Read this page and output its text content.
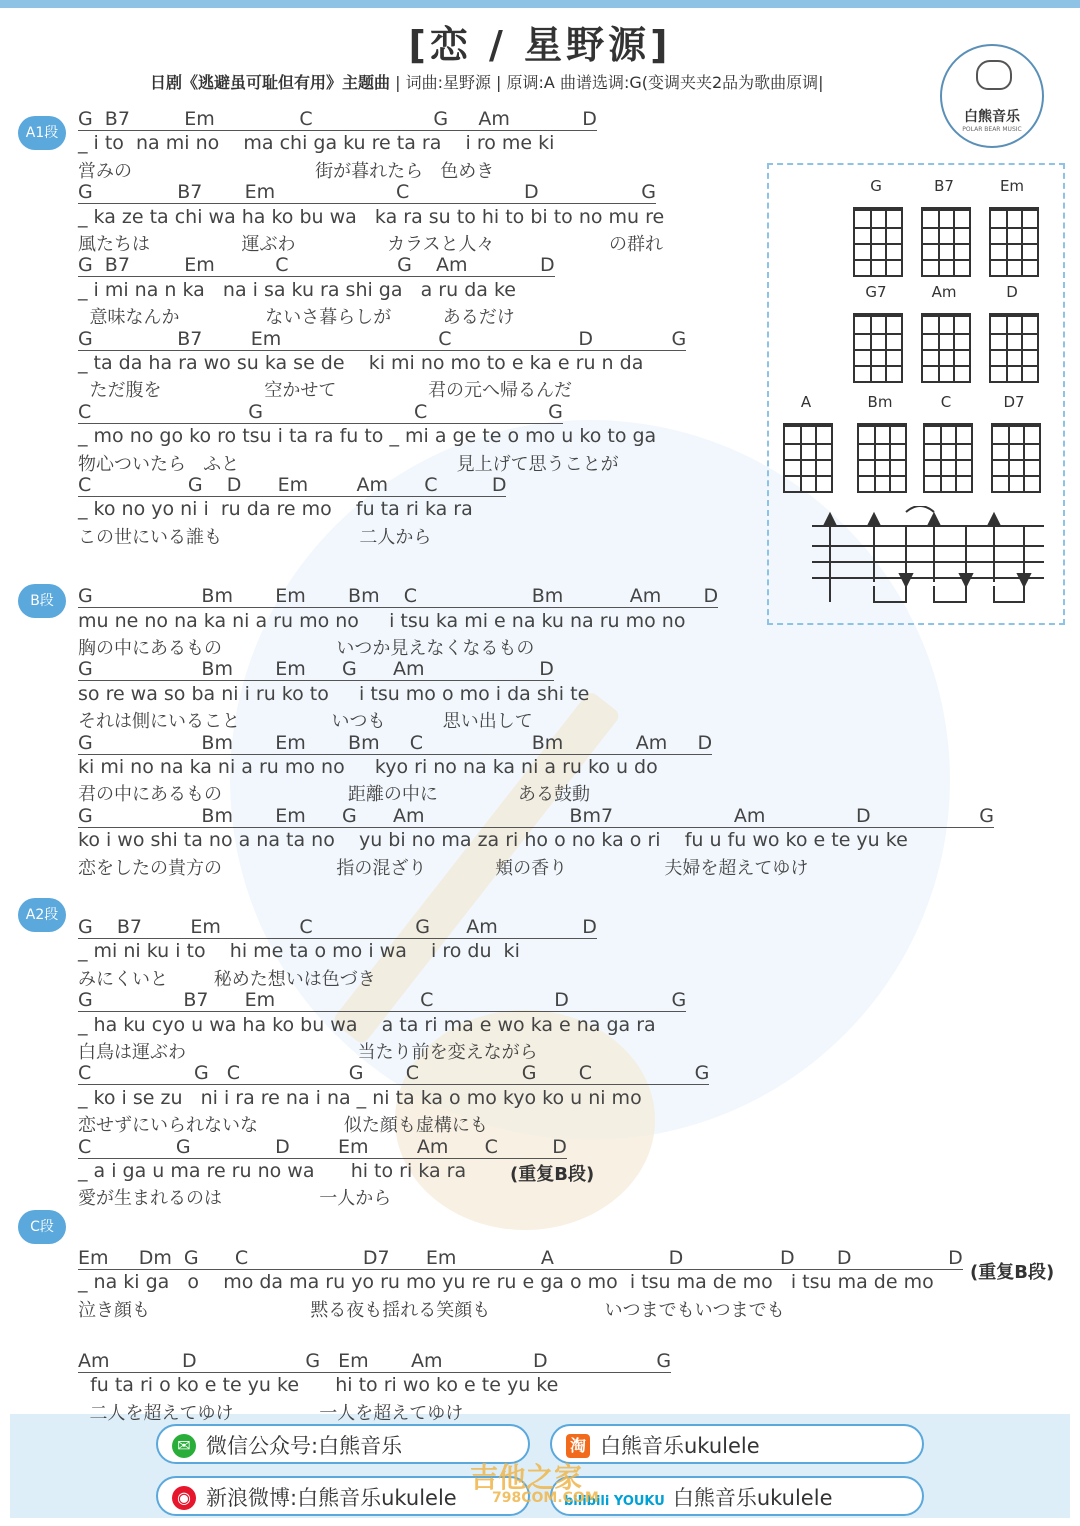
[恋 / 星野源]
日剧《逃避虽可耻但有用》主题曲 | 词曲:星野源 | 原调:A 曲谱选调:G(变调夹夹2品为歌曲原调|
白熊音乐
POLAR BEAR MUSIC
A1段
B段
A2段
C段
G  B7         Em              C                    G     Am            D
_ i to  na mi no    ma chi ga ku re ta ra    i ro me ki
営みの                                街が暮れたら   色めき
G              B7       Em                    C                   D                 G
_ ka ze ta chi wa ha ko bu wa   ka ra su to hi to bi to no mu re
風たちは                運ぶわ                カラスと人々                    の群れ
G  B7         Em          C                  G    Am            D
_ i mi na n ka   na i sa ku ra shi ga   a ru da ke
意味なんか               ないさ暮らしが         あるだけ
G              B7        Em                          C                     D             G
_ ta da ha ra wo su ka se de    ki mi no mo to e ka e ru n da
ただ腹を                  空かせて                君の元へ帰るんだ
C                          G                         C                    G
_ mo no go ko ro tsu i ta ra fu to _ mi a ge te o mo u ko to ga
物心ついたら   ふと                                      見上げて思うことが
C                G    D      Em        Am      C         D
_ ko no yo ni i  ru da re mo    fu ta ri ka ra
この世にいる誰も                        二人から
G                  Bm       Em       Bm    C                   Bm           Am       D
mu ne no na ka ni a ru mo no     i tsu ka mi e na ku na ru mo no
胸の中にあるもの                    いつか見えなくなるもの
G                  Bm       Em      G      Am                   D
so re wa so ba ni i ru ko to     i tsu mo o mo i da shi te
それは側にいること                いつも          思い出して
G                  Bm       Em       Bm     C                  Bm            Am     D
ki mi no na ka ni a ru mo no     kyo ri no na ka ni a ru ko u do
君の中にあるもの                      距離の中に              ある鼓動
G                  Bm       Em      G      Am                        Bm7                    Am               D                  G
ko i wo shi ta no a na ta no    yu bi no ma za ri ho o no ka o ri    fu u fu wo ko e te yu ke
恋をしたの貴方の                    指の混ざり            頬の香り                 夫婦を超えてゆけ
G    B7        Em             C                 G      Am              D
_ mi ni ku i to    hi me ta o mo i wa    i ro du  ki
みにくいと        秘めた想いは色づき
G               B7      Em                        C                    D                 G
_ ha ku cyo u wa ha ko bu wa    a ta ri ma e wo ka e na ga ra
白鳥は運ぶわ                              当たり前を変えながら
C                 G   C                  G       C                 G       C                 G
_ ko i se zu   ni i ra re na i na _ ni ta ka o mo kyo ko u ni mo
恋せずにいられないな               似た顔も虚構にも
C              G              D        Em        Am      C         D
_ a i ga u ma re ru no wa      hi to ri ka ra
愛が生まれるのは                 一人から
Em     Dm  G      C                   D7      Em              A                   D                D       D                D
_ na ki ga   o    mo da ma ru yo ru mo yu re ru e ga o mo  i tsu ma de mo   i tsu ma de mo
泣き顔も                            黙る夜も揺れる笑顔も                    いつまでもいつまでも
Am            D                  G   Em       Am               D                  G
fu ta ri o ko e te yu ke      hi to ri wo ko e te yu ke
二人を超えてゆけ               一人を超えてゆけ
(重复B段)
(重复B段)
G	B7	Em
G7	Am	D
A	Bm	C	D7
✉ 微信公众号:白熊音乐	淘 白熊音乐ukulele
◉ 新浪微博:白熊音乐ukulele	bilibili YOUKU 白熊音乐ukulele
吉他之家
798COM.COM
